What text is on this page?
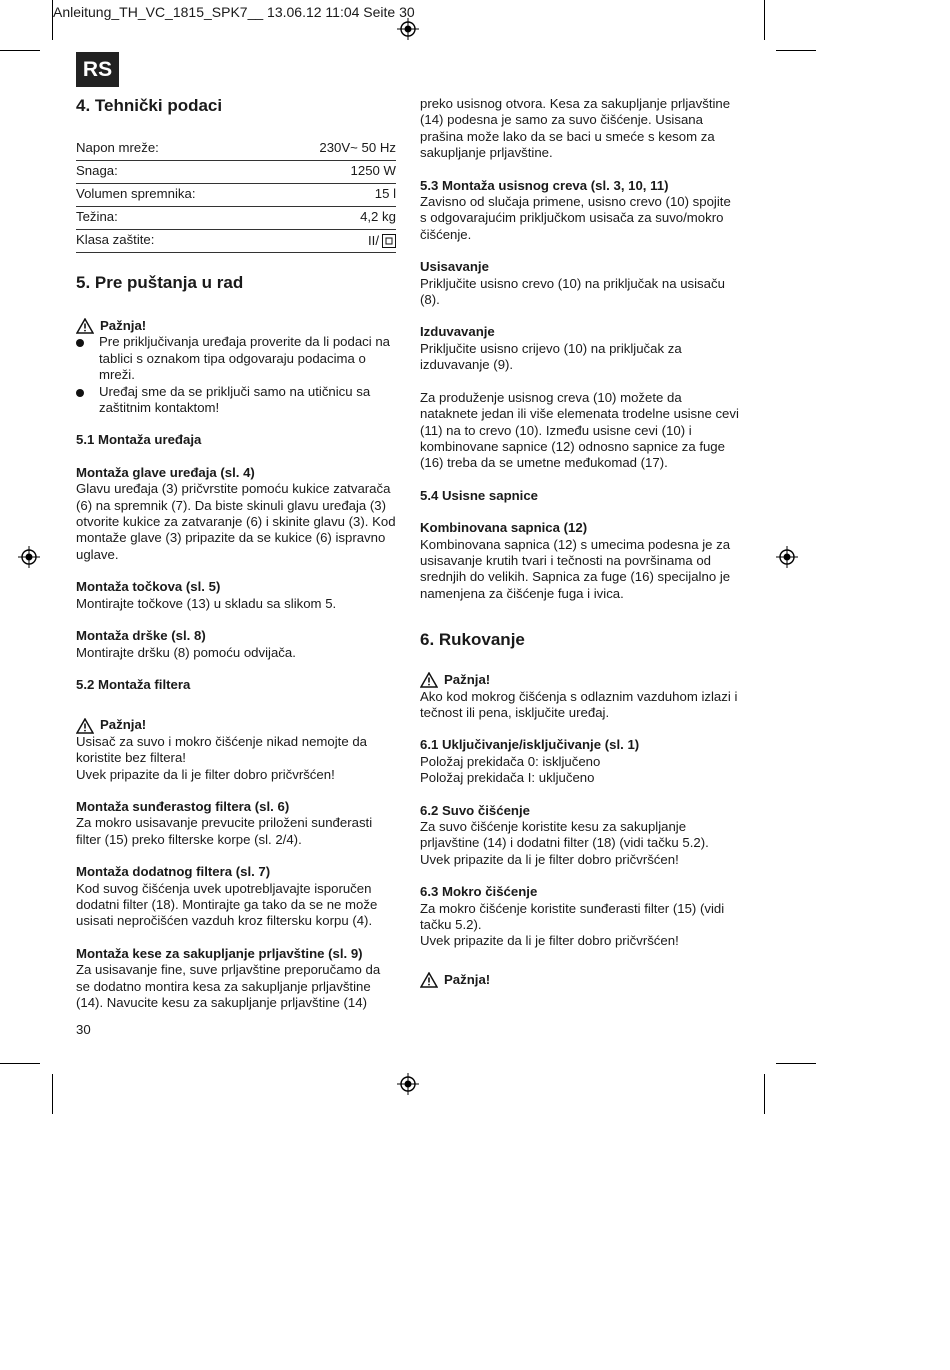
Anleitung_TH_VC_1815_SPK7__ 13.06.12 11:04 Seite 30
RS
4. Tehnički podaci
Napon mreže:	230V~ 50 Hz
Snaga:	1250 W
Volumen spremnika:	15 l
Težina:	4,2 kg
Klasa zaštite:	II/
5. Pre puštanja u rad
Pažnja!
Pre priključivanja uređaja proverite da li podaci na tablici s oznakom tipa odgovaraju podacima o mreži.
Uređaj sme da se priključi samo na utičnicu sa zaštitnim kontaktom!

5.1 Montaža uređaja

Montaža glave uređaja (sl. 4)

Glavu uređaja (3) pričvrstite pomoću kukice zatvarača (6) na spremnik (7). Da biste skinuli glavu uređaja (3) otvorite kukice za zatvaranje (6) i skinite glavu (3). Kod montaže glave (3) pripazite da se kukice (6) ispravno uglave.

Montaža točkova (sl. 5)

Montirajte točkove (13) u skladu sa slikom 5.

Montaža drške (sl. 8)

Montirajte dršku (8) pomoću odvijača.

5.2 Montaža filtera

Pažnja!

Usisač za suvo i mokro čišćenje nikad nemojte da koristite bez filtera!
Uvek pripazite da li je filter dobro pričvršćen!

Montaža sunđerastog filtera (sl. 6)

Za mokro usisavanje prevucite priloženi sunđerasti filter (15) preko filterske korpe (sl. 2/4).

Montaža dodatnog filtera (sl. 7)

Kod suvog čišćenja uvek upotrebljavajte isporučen dodatni filter (18). Montirajte ga tako da se ne može usisati nepročišćen vazduh kroz filtersku korpu (4).

Montaža kese za sakupljanje prljavštine (sl. 9)

Za usisavanje fine, suve prljavštine preporučamo da se dodatno montira kesa za sakupljanje prljavštine (14). Navucite kesu za sakupljanje prljavštine (14)

30

preko usisnog otvora. Kesa za sakupljanje prljavštine (14) podesna je samo za suvo čišćenje. Usisana prašina može lako da se baci u smeće s kesom za sakupljanje prljavštine.

5.3 Montaža usisnog creva (sl. 3, 10, 11)

Zavisno od slučaja primene, usisno crevo (10) spojite s odgovarajućim priključkom usisača za suvo/mokro čišćenje.

Usisavanje

Priključite usisno crevo (10) na priključak na usisaču (8).

Izduvavanje

Priključite usisno crijevo (10) na priključak za izduvavanje (9).

Za produženje usisnog creva (10) možete da nataknete jedan ili više elemenata trodelne usisne cevi (11) na to crevo (10). Između usisne cevi (10) i kombinovane sapnice (12) odnosno sapnice za fuge (16) treba da se umetne međukomad (17).

5.4 Usisne sapnice

Kombinovana sapnica (12)

Kombinovana sapnica (12) s umecima podesna je za usisavanje krutih tvari i tečnosti na površinama od srednjih do velikih. Sapnica za fuge (16) specijalno je namenjena za čišćenje fuga i ivica.

6. Rukovanje
Pažnja!

Ako kod mokrog čišćenja s odlaznim vazduhom izlazi i tečnost ili pena, isključite uređaj.

6.1 Uključivanje/isključivanje (sl. 1)

Položaj prekidača 0: isključeno
Položaj prekidača I: uključeno

6.2 Suvo čišćenje

Za suvo čišćenje koristite kesu za sakupljanje prljavštine (14) i dodatni filter (18) (vidi tačku 5.2).
Uvek pripazite da li je filter dobro pričvršćen!

6.3 Mokro čišćenje

Za mokro čišćenje koristite sunđerasti filter (15) (vidi tačku 5.2).
Uvek pripazite da li je filter dobro pričvršćen!

Pažnja!
